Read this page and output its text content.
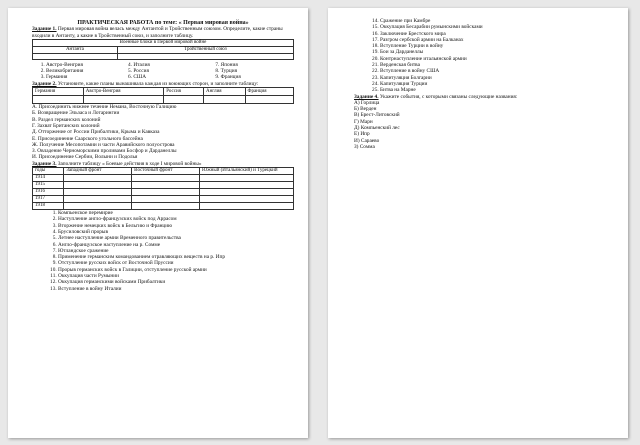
ПРАКТИЧЕСКАЯ РАБОТА по теме: « Первая мировая война»
Задание 1. Первая мировая война велась между Антантой и Тройственным союзом. Определите, какие страны входили в Антанту, а какие в Тройственный союз, и заполните таблицу.
Военные блоки в Первой мировой войне	
Антанта	Тройственный союз

1. Австро-Венгрия
2. Великобритания
3. Германия
4. Италия
5. Россия
6. США
7. Япония
8. Турция
9. Франция
Задание 2. Установите, какие планы вынашивала каждая из воюющих сторон, и заполните таблицу:
Германия	Австро-Венгрия	Россия	Англия	Франция

А. Присоединить нижнее течение Немана, Восточную Галицию
Б. Возвращение Эльзаса и Лотарингии
В. Раздел германских колоний
Г. Захват Британских колоний
Д. Отторжение от России Прибалтики, Крыма и Кавказа
Е. Присоединение Саарского угольного бассейна
Ж. Получение Месопотамии и части Аравийского полуострова
З. Овладение Черноморскими проливами Босфор и Дарданеллы
И. Присоединение Сербии, Волыни и Подолья
Задание 3. Заполните таблицу « Боевые действия в ходе I мировой войны»
годы	Западный фронт	Восточный фронт	Южный (Итальянский) и Турецкий
1914			
1915			
1916			
1917			
1918			
1. Компьенское перемирие
2. Наступление англо-французских войск под Аррасом
3. Вторжение немецких войск в Бельгию и Францию
4. Брусиловский прорыв
5. Летнее наступление армии Временного правительства
6. Англо-французское наступление на р. Сомме
7. Ютландское сражение
8. Применение германским командованием отравляющих веществ на р. Ипр
9. Отступление русских войск от Восточной Пруссии
10. Прорыв германских войск в Галиции, отступление русской армии
11. Оккупация части Румынии
12. Оккупация германскими войсками Прибалтики
13. Вступление в войну Италии
14. Сражение при Камбре
15. Оккупация Бесарабии румынскими войсками
16. Заключение Брестского мира
17. Разгром сербской армии на Балканах
18. Вступление Турции в войну
19. Бои за Дарданеллы
20. Контрнаступление итальянской армии
21. Верденская битва
22. Вступление в войну США
23. Капитуляция Болгарии
24. Капитуляция Турции
25. Битва на Марне
Задание 4. Укажите события, с которыми связаны следующие названия:
А) Горлица
Б) Верден
В) Брест-Литовский
Г) Марн
Д) Компьенский лес
Е) Ипр
И) Сараево
З) Сомма
